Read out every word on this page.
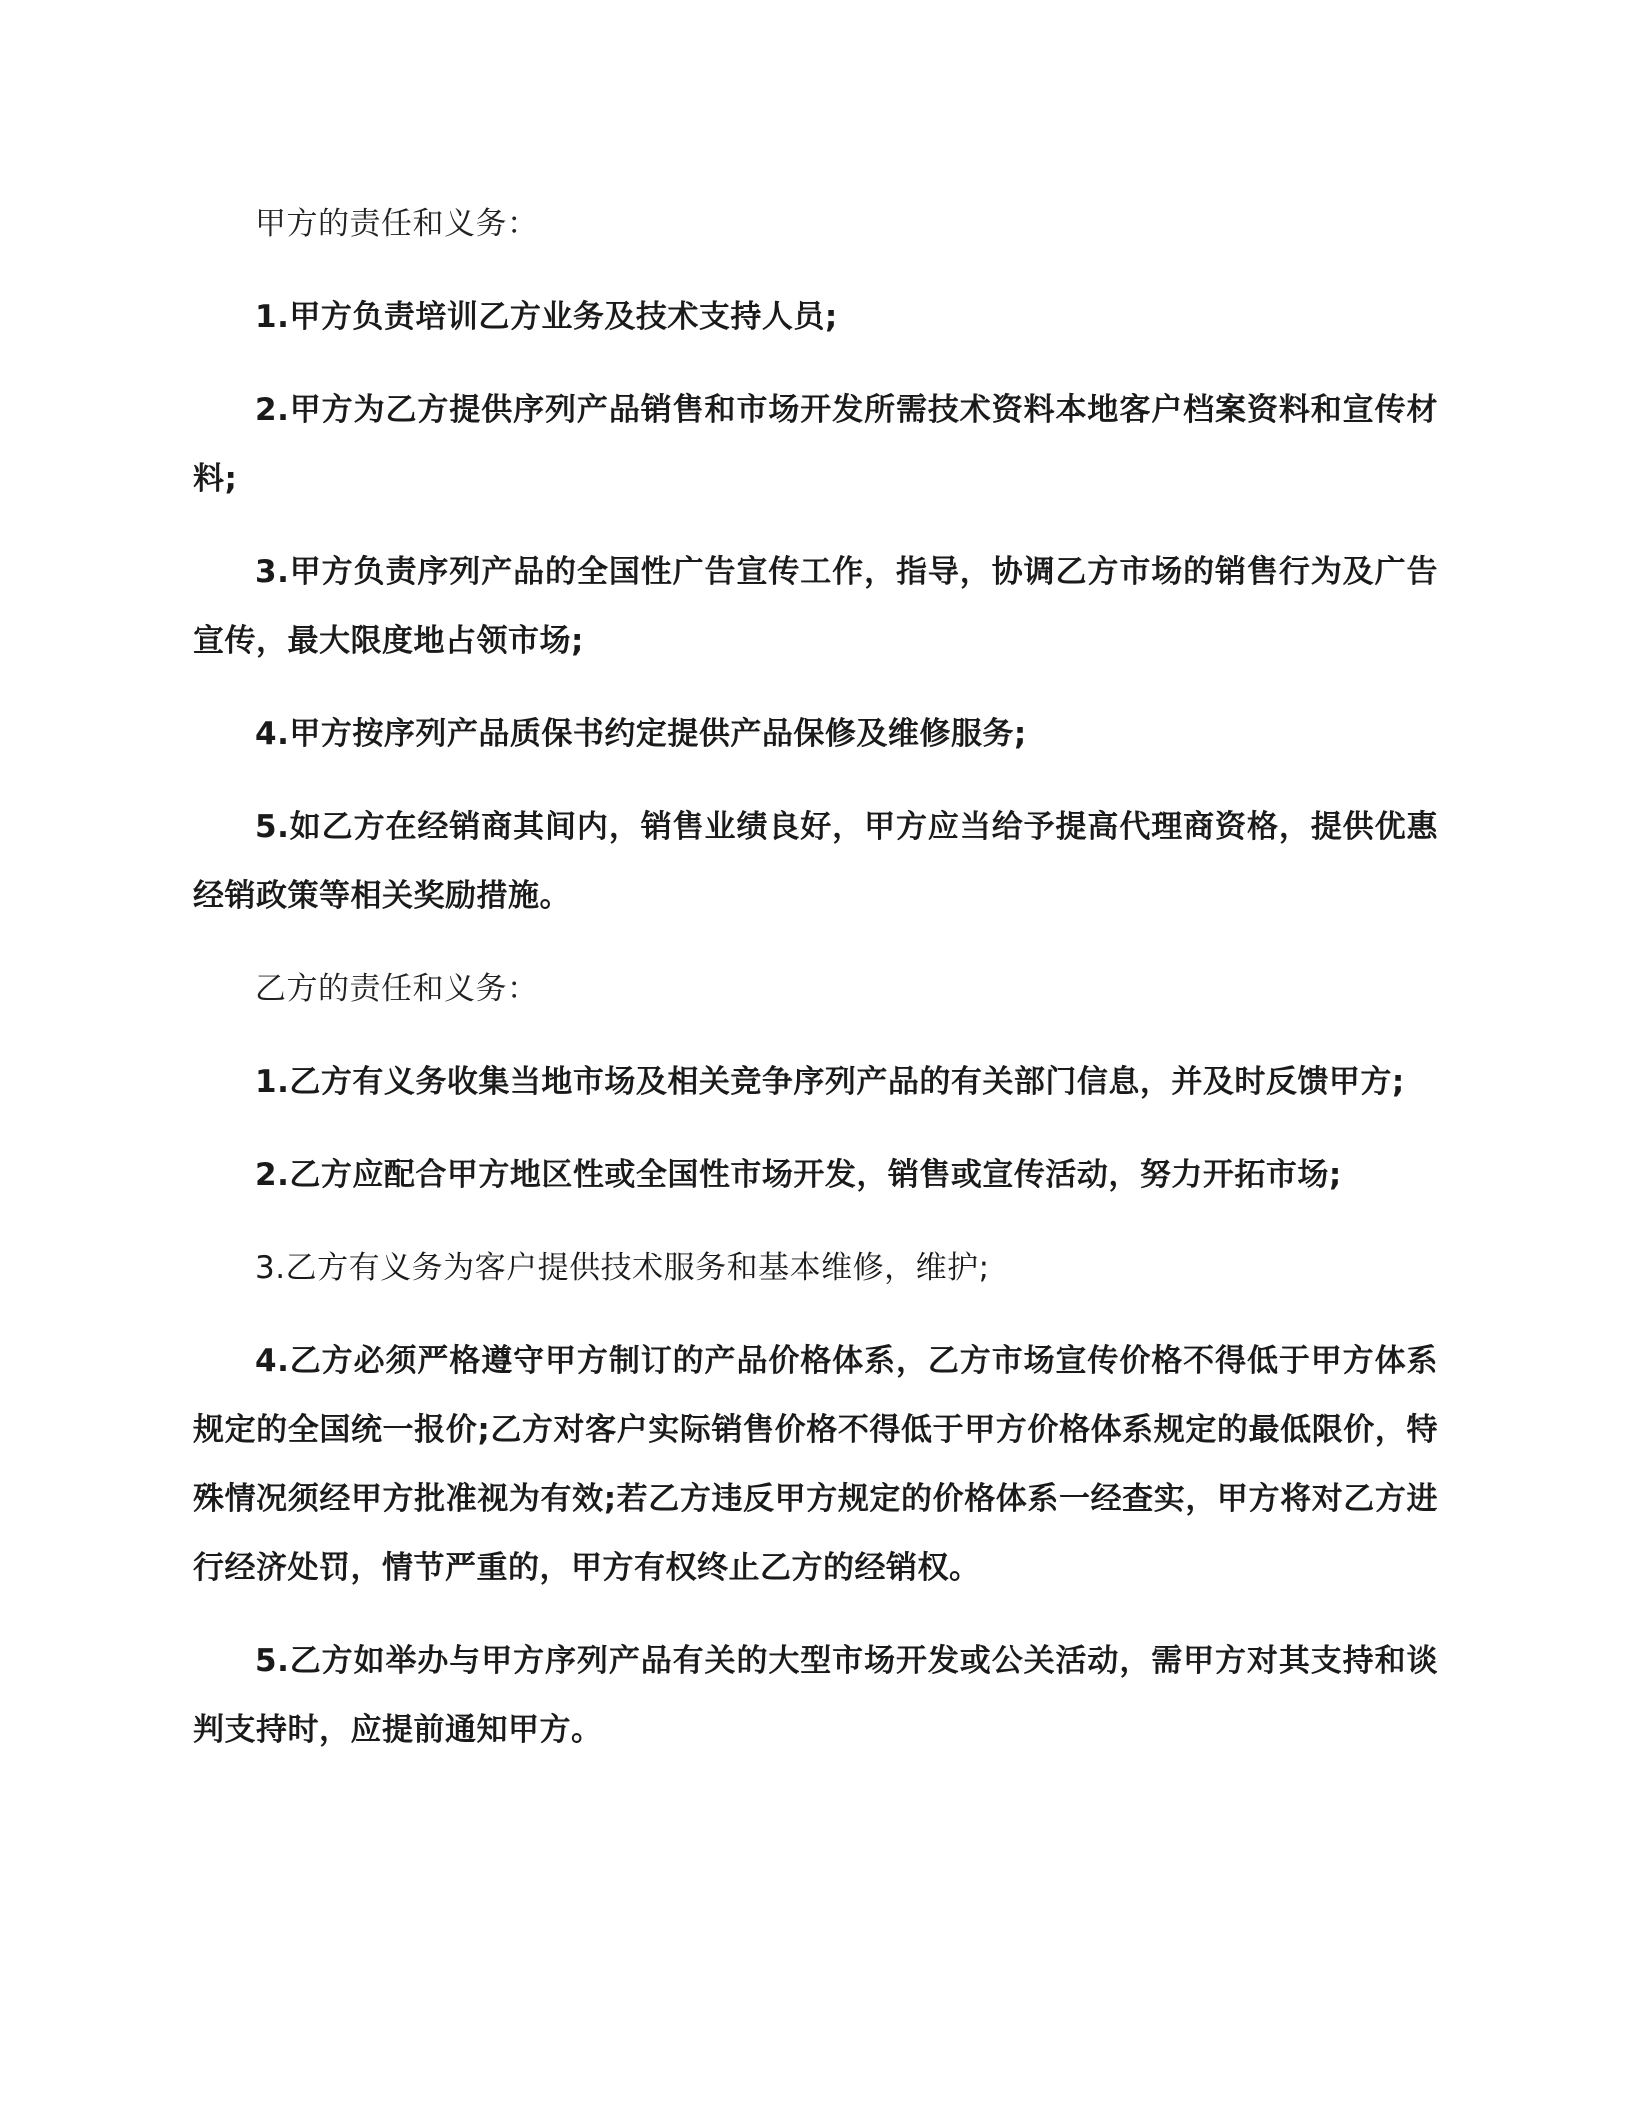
甲方的责任和义务：

1.甲方负责培训乙方业务及技术支持人员;

2.甲方为乙方提供序列产品销售和市场开发所需技术资料本地客户档案资料和宣传材料;

3.甲方负责序列产品的全国性广告宣传工作，指导，协调乙方市场的销售行为及广告宣传，最大限度地占领市场;

4.甲方按序列产品质保书约定提供产品保修及维修服务;

5.如乙方在经销商其间内，销售业绩良好，甲方应当给予提高代理商资格，提供优惠经销政策等相关奖励措施。

乙方的责任和义务：

1.乙方有义务收集当地市场及相关竞争序列产品的有关部门信息，并及时反馈甲方;

2.乙方应配合甲方地区性或全国性市场开发，销售或宣传活动，努力开拓市场;

3.乙方有义务为客户提供技术服务和基本维修，维护;

4.乙方必须严格遵守甲方制订的产品价格体系，乙方市场宣传价格不得低于甲方体系规定的全国统一报价;乙方对客户实际销售价格不得低于甲方价格体系规定的最低限价，特殊情况须经甲方批准视为有效;若乙方违反甲方规定的价格体系一经查实，甲方将对乙方进行经济处罚，情节严重的，甲方有权终止乙方的经销权。

5.乙方如举办与甲方序列产品有关的大型市场开发或公关活动，需甲方对其支持和谈判支持时，应提前通知甲方。
